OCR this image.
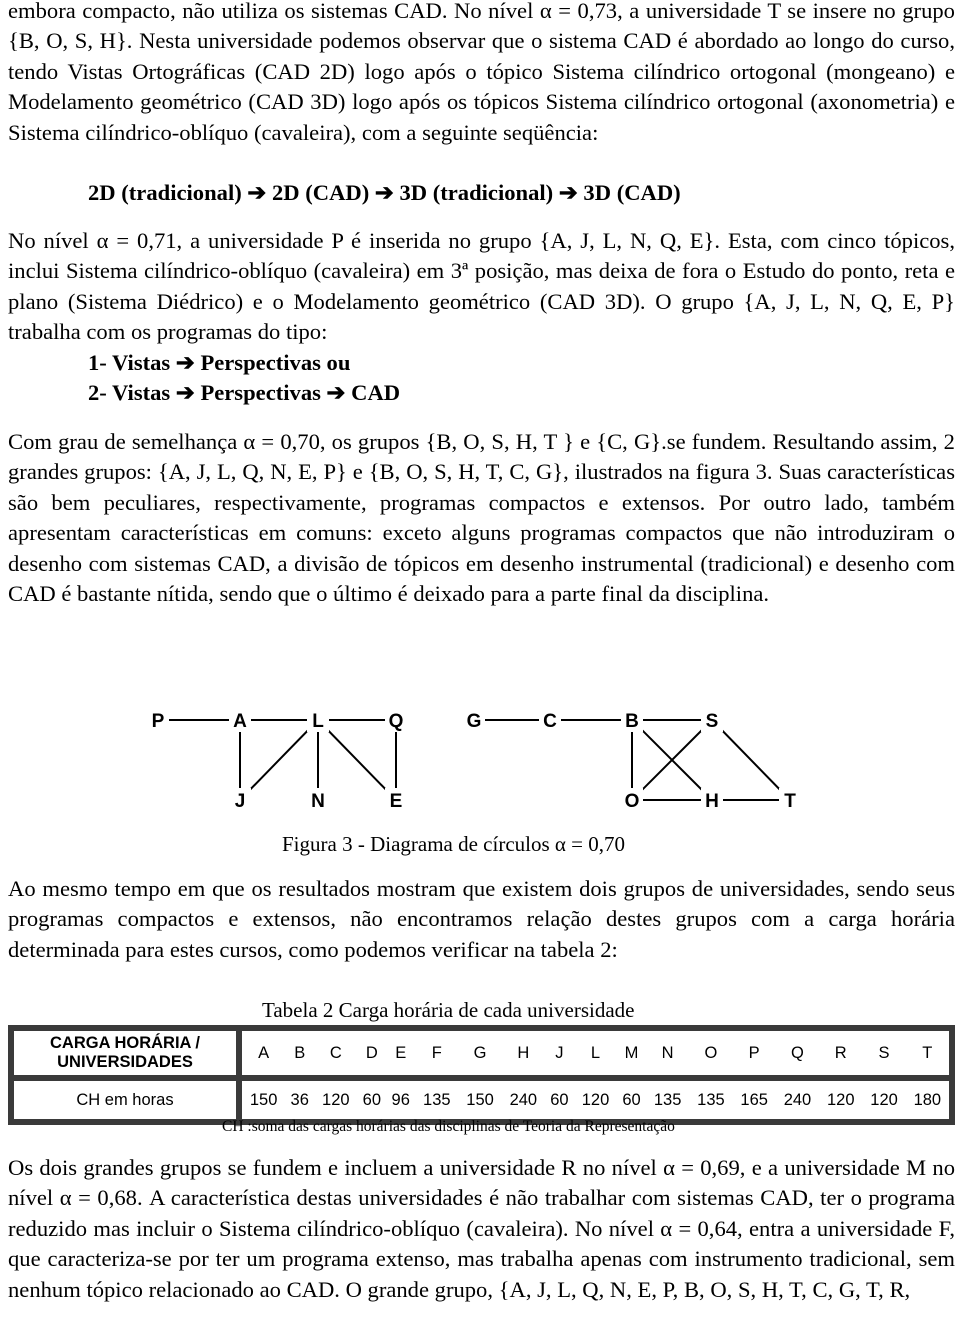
embora compacto, não utiliza os sistemas CAD. No nível α = 0,73, a universidade T se insere no grupo {B, O, S, H}. Nesta universidade podemos observar que o sistema CAD é abordado ao longo do curso, tendo Vistas Ortográficas (CAD 2D) logo após o tópico Sistema cilíndrico ortogonal (mongeano) e Modelamento geométrico (CAD 3D) logo após os tópicos Sistema cilíndrico ortogonal (axonometria) e Sistema cilíndrico-oblíquo (cavaleira), com a seguinte seqüência:

2D (tradicional) ➔ 2D (CAD) ➔ 3D (tradicional) ➔ 3D (CAD)

No nível α = 0,71, a universidade P é inserida no grupo {A, J, L, N, Q, E}. Esta, com cinco tópicos, inclui Sistema cilíndrico-oblíquo (cavaleira) em 3ª posição, mas deixa de fora o Estudo do ponto, reta e plano (Sistema Diédrico) e o Modelamento geométrico (CAD 3D). O grupo {A, J, L, N, Q, E, P} trabalha com os programas do tipo:

1- Vistas ➔ Perspectivas ou
2- Vistas ➔ Perspectivas ➔ CAD

Com grau de semelhança α = 0,70, os grupos {B, O, S, H, T } e {C, G}.se fundem. Resultando assim, 2 grandes grupos: {A, J, L, Q, N, E, P} e {B, O, S, H, T, C, G}, ilustrados na figura 3. Suas características são bem peculiares, respectivamente, programas compactos e extensos. Por outro lado, também apresentam características em comuns: exceto alguns programas compactos que não introduziram o desenho com sistemas CAD, a divisão de tópicos em desenho instrumental (tradicional) e desenho com CAD é bastante nítida, sendo que o último é deixado para a parte final da disciplina.

P	A	L	Q	G	C	B	S
J	N	E	O	H	T
Figura 3 - Diagrama de círculos α = 0,70

Ao mesmo tempo em que os resultados mostram que existem dois grupos de universidades, sendo seus programas compactos e extensos, não encontramos relação destes grupos com a carga horária determinada para estes cursos, como podemos verificar na tabela 2:

Tabela 2 Carga horária de cada universidade
CARGA HORÁRIA / UNIVERSIDADES	A	B	C	D	E	F	G	H	J	L	M	N	O	P	Q	R	S	T
CH em horas	150	36	120	60	96	135	150	240	60	120	60	135	135	165	240	120	120	180
CH :soma das cargas horárias das disciplinas de Teoria da Representação

Os dois grandes grupos se fundem e incluem a universidade R no nível α = 0,69, e a universidade M no nível α = 0,68. A característica destas universidades é não trabalhar com sistemas CAD, ter o programa reduzido mas incluir o Sistema cilíndrico-oblíquo (cavaleira). No nível α = 0,64, entra a universidade F, que caracteriza-se por ter um programa extenso, mas trabalha apenas com instrumento tradicional, sem nenhum tópico relacionado ao CAD. O grande grupo, {A, J, L, Q, N, E, P, B, O, S, H, T, C, G, T, R,
